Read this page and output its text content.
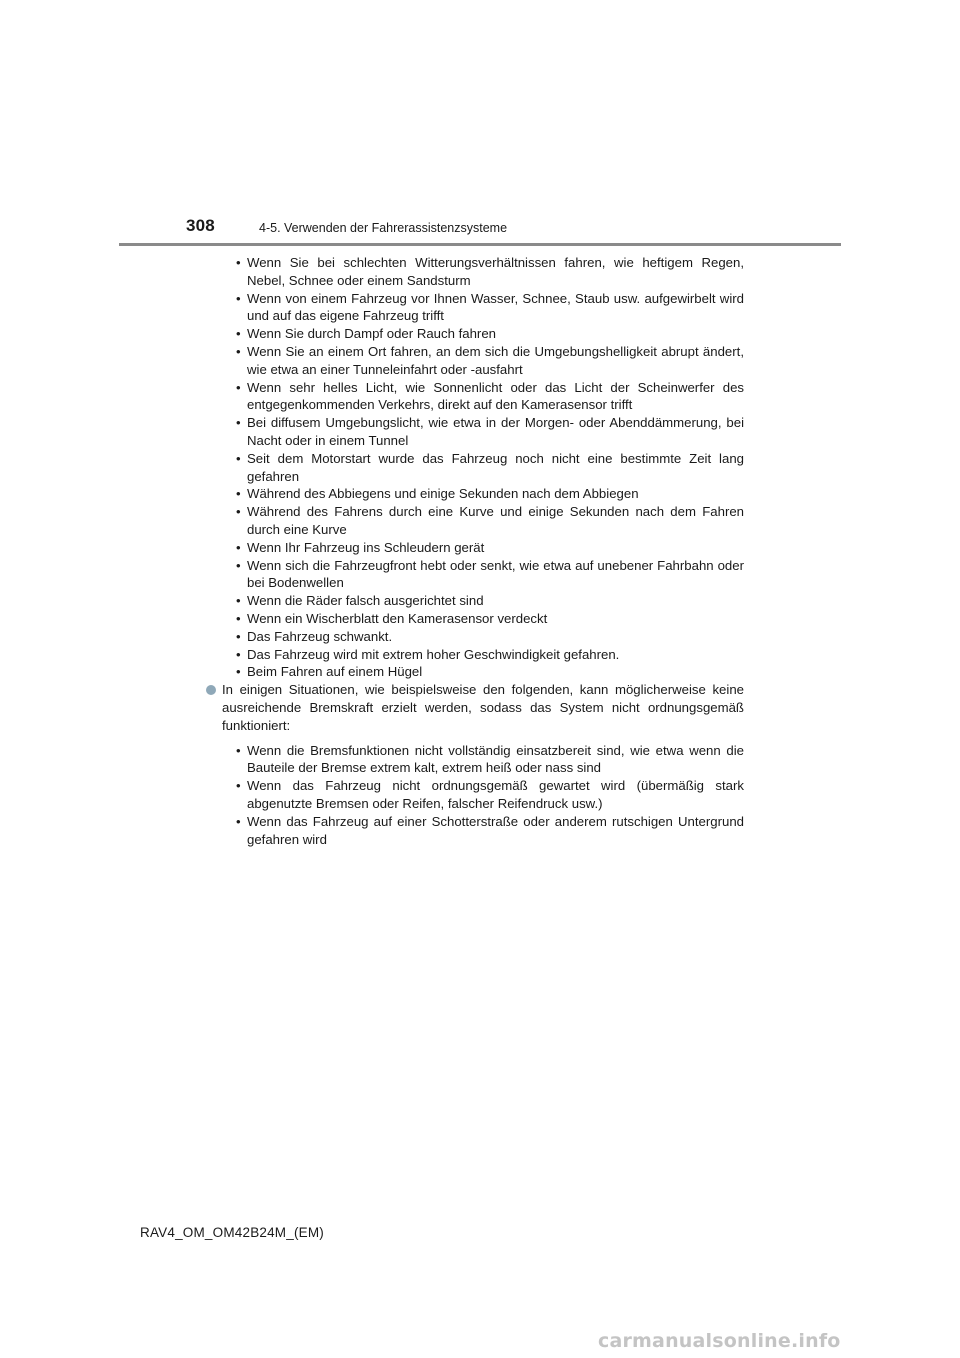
308	4-5. Verwenden der Fahrerassistenzsysteme
• Wenn Sie bei schlechten Witterungsverhältnissen fahren, wie heftigem Regen, Nebel, Schnee oder einem Sandsturm
• Wenn von einem Fahrzeug vor Ihnen Wasser, Schnee, Staub usw. aufgewirbelt wird und auf das eigene Fahrzeug trifft
• Wenn Sie durch Dampf oder Rauch fahren
• Wenn Sie an einem Ort fahren, an dem sich die Umgebungshelligkeit abrupt ändert, wie etwa an einer Tunneleinfahrt oder -ausfahrt
• Wenn sehr helles Licht, wie Sonnenlicht oder das Licht der Scheinwerfer des entgegenkommenden Verkehrs, direkt auf den Kamerasensor trifft
• Bei diffusem Umgebungslicht, wie etwa in der Morgen- oder Abenddämmerung, bei Nacht oder in einem Tunnel
• Seit dem Motorstart wurde das Fahrzeug noch nicht eine bestimmte Zeit lang gefahren
• Während des Abbiegens und einige Sekunden nach dem Abbiegen
• Während des Fahrens durch eine Kurve und einige Sekunden nach dem Fahren durch eine Kurve
• Wenn Ihr Fahrzeug ins Schleudern gerät
• Wenn sich die Fahrzeugfront hebt oder senkt, wie etwa auf unebener Fahrbahn oder bei Bodenwellen
• Wenn die Räder falsch ausgerichtet sind
• Wenn ein Wischerblatt den Kamerasensor verdeckt
• Das Fahrzeug schwankt.
• Das Fahrzeug wird mit extrem hoher Geschwindigkeit gefahren.
• Beim Fahren auf einem Hügel
In einigen Situationen, wie beispielsweise den folgenden, kann möglicherweise keine ausreichende Bremskraft erzielt werden, sodass das System nicht ordnungsgemäß funktioniert:
• Wenn die Bremsfunktionen nicht vollständig einsatzbereit sind, wie etwa wenn die Bauteile der Bremse extrem kalt, extrem heiß oder nass sind
• Wenn das Fahrzeug nicht ordnungsgemäß gewartet wird (übermäßig stark abgenutzte Bremsen oder Reifen, falscher Reifendruck usw.)
• Wenn das Fahrzeug auf einer Schotterstraße oder anderem rutschigen Untergrund gefahren wird
RAV4_OM_OM42B24M_(EM)
carmanualsonline.info
